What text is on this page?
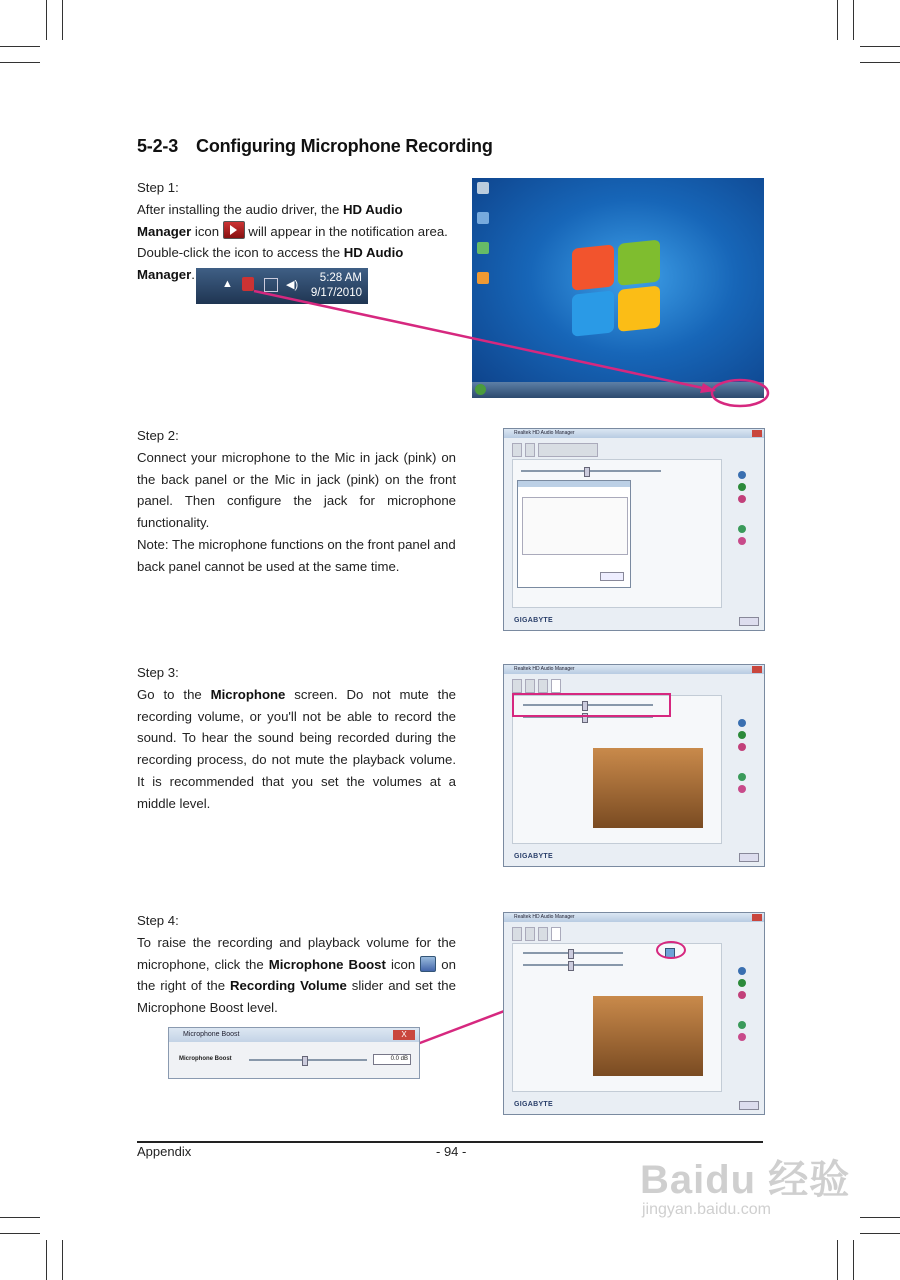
5-2-3 Configuring Microphone Recording
Step 1:
After installing the audio driver, the HD Audio Manager icon  will appear in the notification area. Double-click the icon to access the HD Audio Manager.
▲	◀)
5:28 AM
9/17/2010
Step 2:
Connect your microphone to the Mic in jack (pink) on the back panel or the Mic in jack (pink) on the front panel. Then configure the jack for microphone functionality.
Note: The microphone functions on the front panel and back panel cannot be used at the same time.
Realtek HD Audio Manager
GIGABYTE
Step 3:
Go to the Microphone screen. Do not mute the recording volume, or you'll not be able to record the sound. To hear the sound being recorded during the recording process, do not mute the playback volume. It is recommended that you set the volumes at a middle level.
Realtek HD Audio Manager
GIGABYTE
Step 4:
To raise the recording and playback volume for the microphone, click the Microphone Boost icon  on the right of the Recording Volume slider and set the Microphone Boost level.
Microphone Boost	X
Microphone Boost	0.0 dB
Realtek HD Audio Manager
GIGABYTE
Appendix	- 94 -
Baidu 经验
jingyan.baidu.com
